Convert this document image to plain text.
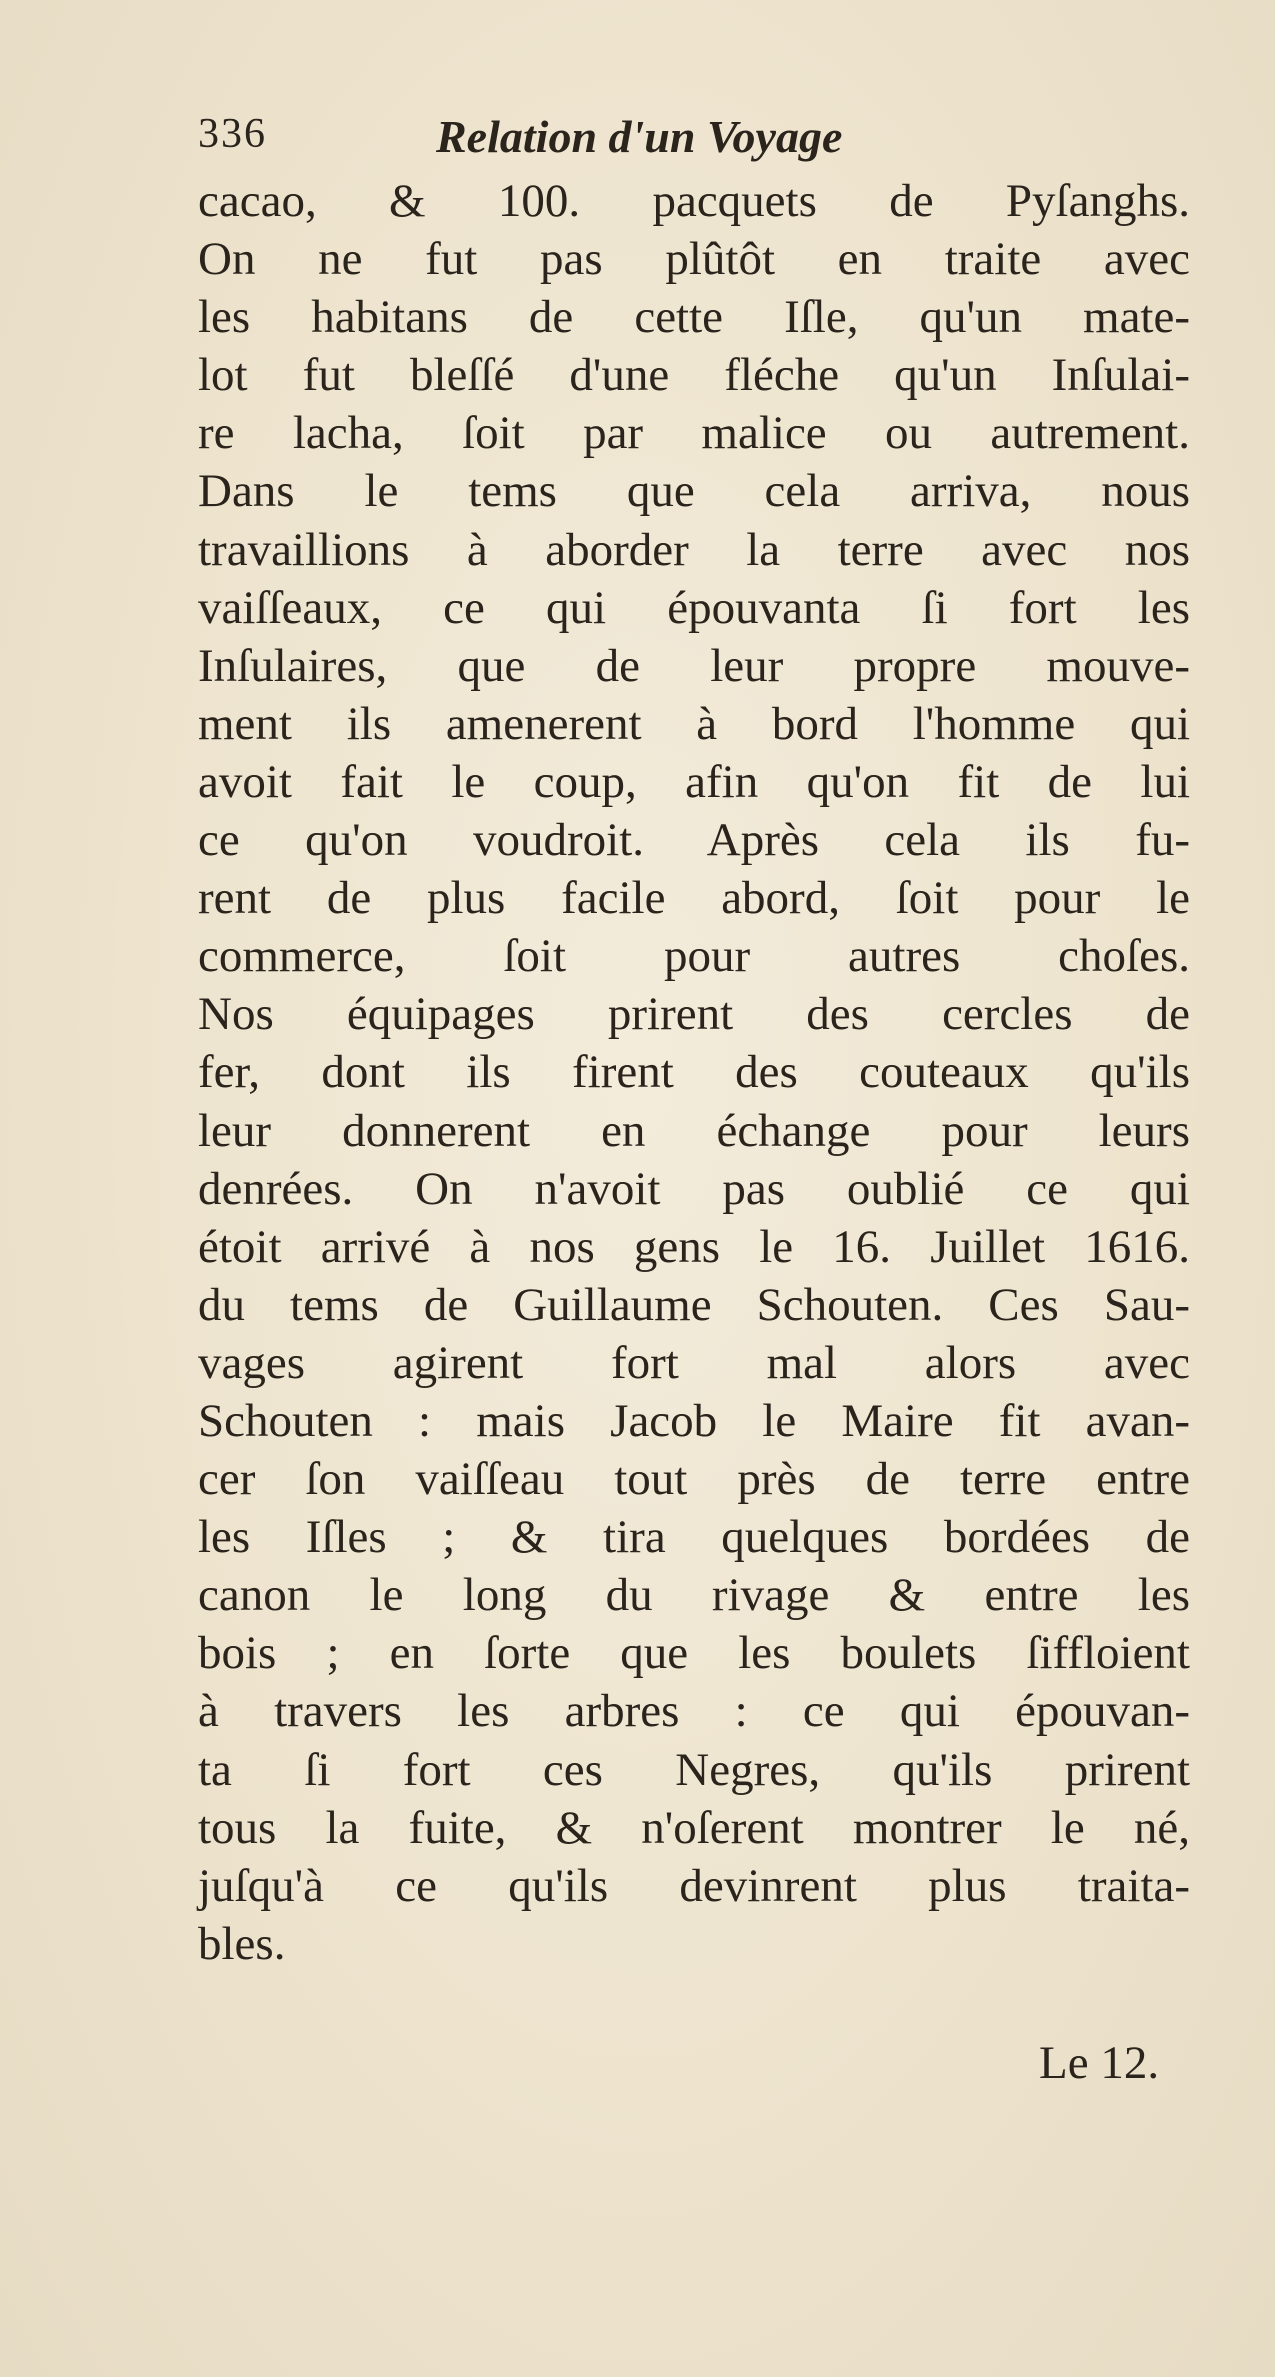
336	Relation d'un Voyage
cacao, & 100. pacquets de Pyſanghs.
On ne fut pas plûtôt en traite avec
les habitans de cette Iſle, qu'un mate-
lot fut bleſſé d'une fléche qu'un Inſulai-
re lacha, ſoit par malice ou autrement.
Dans le tems que cela arriva, nous
travaillions à aborder la terre avec nos
vaiſſeaux, ce qui épouvanta ſi fort les
Inſulaires, que de leur propre mouve-
ment ils amenerent à bord l'homme qui
avoit fait le coup, afin qu'on fit de lui
ce qu'on voudroit. Après cela ils fu-
rent de plus facile abord, ſoit pour le
commerce, ſoit pour autres choſes.
Nos équipages prirent des cercles de
fer, dont ils firent des couteaux qu'ils
leur donnerent en échange pour leurs
denrées. On n'avoit pas oublié ce qui
étoit arrivé à nos gens le 16. Juillet 1616.
du tems de Guillaume Schouten. Ces Sau-
vages agirent fort mal alors avec
Schouten : mais Jacob le Maire fit avan-
cer ſon vaiſſeau tout près de terre entre
les Iſles ; & tira quelques bordées de
canon le long du rivage & entre les
bois ; en ſorte que les boulets ſiffloient
à travers les arbres : ce qui épouvan-
ta ſi fort ces Negres, qu'ils prirent
tous la fuite, & n'oſerent montrer le né,
juſqu'à ce qu'ils devinrent plus traita-
bles.
Le 12.
